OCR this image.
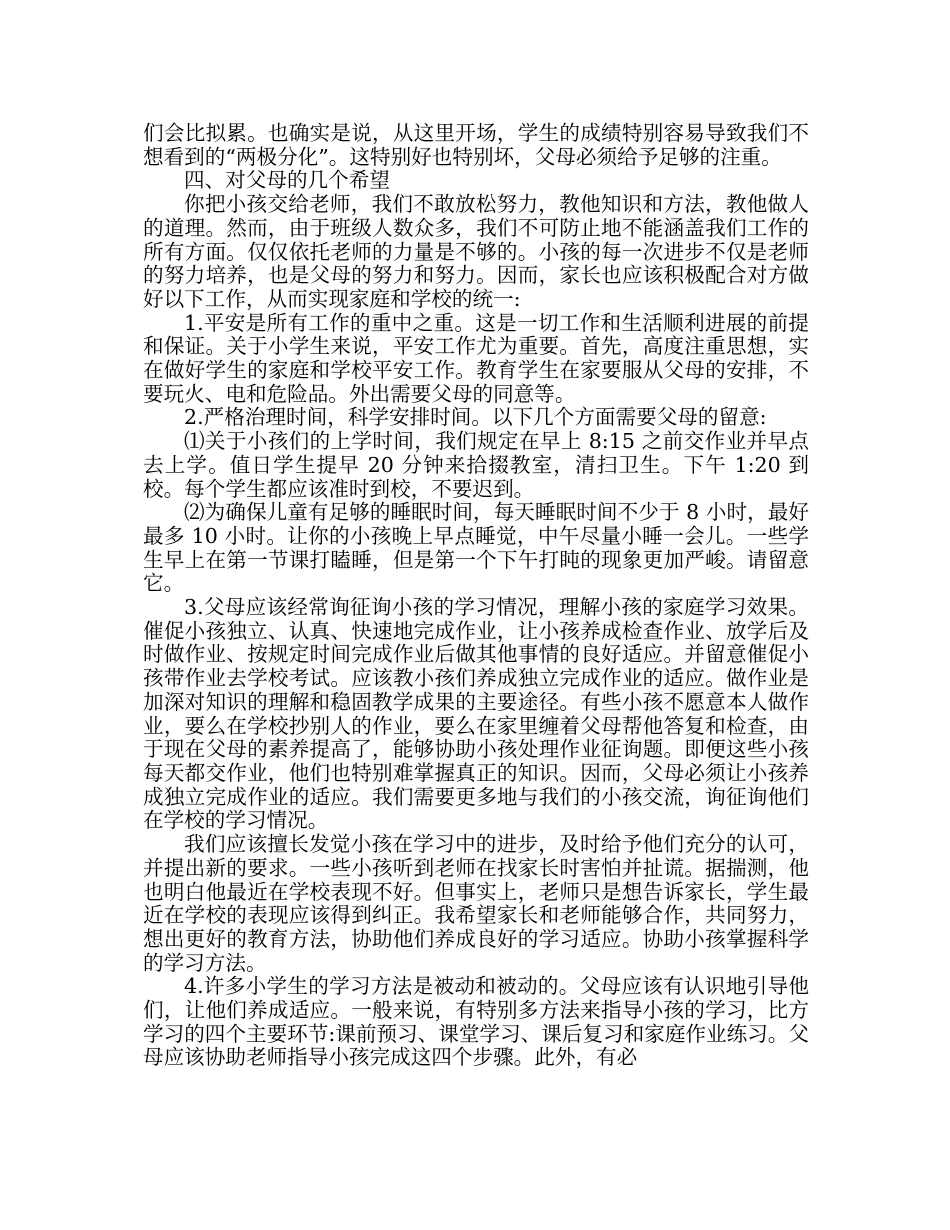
们会比拟累。也确实是说，从这里开场，学生的成绩特别容易导致我们不想看到的“两极分化”。这特别好也特别坏，父母必须给予足够的注重。

四、对父母的几个希望

你把小孩交给老师，我们不敢放松努力，教他知识和方法，教他做人的道理。然而，由于班级人数众多，我们不可防止地不能涵盖我们工作的所有方面。仅仅依托老师的力量是不够的。小孩的每一次进步不仅是老师的努力培养，也是父母的努力和努力。因而，家长也应该积极配合对方做好以下工作，从而实现家庭和学校的统一:

1.平安是所有工作的重中之重。这是一切工作和生活顺利进展的前提和保证。关于小学生来说，平安工作尤为重要。首先，高度注重思想，实在做好学生的家庭和学校平安工作。教育学生在家要服从父母的安排，不要玩火、电和危险品。外出需要父母的同意等。

2.严格治理时间，科学安排时间。以下几个方面需要父母的留意:

⑴关于小孩们的上学时间，我们规定在早上 8:15 之前交作业并早点去上学。值日学生提早 20 分钟来拾掇教室，清扫卫生。下午 1:20 到校。每个学生都应该准时到校，不要迟到。

⑵为确保儿童有足够的睡眠时间，每天睡眠时间不少于 8 小时，最好最多 10 小时。让你的小孩晚上早点睡觉，中午尽量小睡一会儿。一些学生早上在第一节课打瞌睡，但是第一个下午打盹的现象更加严峻。请留意它。

3.父母应该经常询征询小孩的学习情况，理解小孩的家庭学习效果。催促小孩独立、认真、快速地完成作业，让小孩养成检查作业、放学后及时做作业、按规定时间完成作业后做其他事情的良好适应。并留意催促小孩带作业去学校考试。应该教小孩们养成独立完成作业的适应。做作业是加深对知识的理解和稳固教学成果的主要途径。有些小孩不愿意本人做作业，要么在学校抄别人的作业，要么在家里缠着父母帮他答复和检查，由于现在父母的素养提高了，能够协助小孩处理作业征询题。即便这些小孩每天都交作业，他们也特别难掌握真正的知识。因而，父母必须让小孩养成独立完成作业的适应。我们需要更多地与我们的小孩交流，询征询他们在学校的学习情况。

我们应该擅长发觉小孩在学习中的进步，及时给予他们充分的认可，并提出新的要求。一些小孩听到老师在找家长时害怕并扯谎。据揣测，他也明白他最近在学校表现不好。但事实上，老师只是想告诉家长，学生最近在学校的表现应该得到纠正。我希望家长和老师能够合作，共同努力，想出更好的教育方法，协助他们养成良好的学习适应。协助小孩掌握科学的学习方法。

4.许多小学生的学习方法是被动和被动的。父母应该有认识地引导他们，让他们养成适应。一般来说，有特别多方法来指导小孩的学习，比方学习的四个主要环节:课前预习、课堂学习、课后复习和家庭作业练习。父母应该协助老师指导小孩完成这四个步骤。此外，有必
